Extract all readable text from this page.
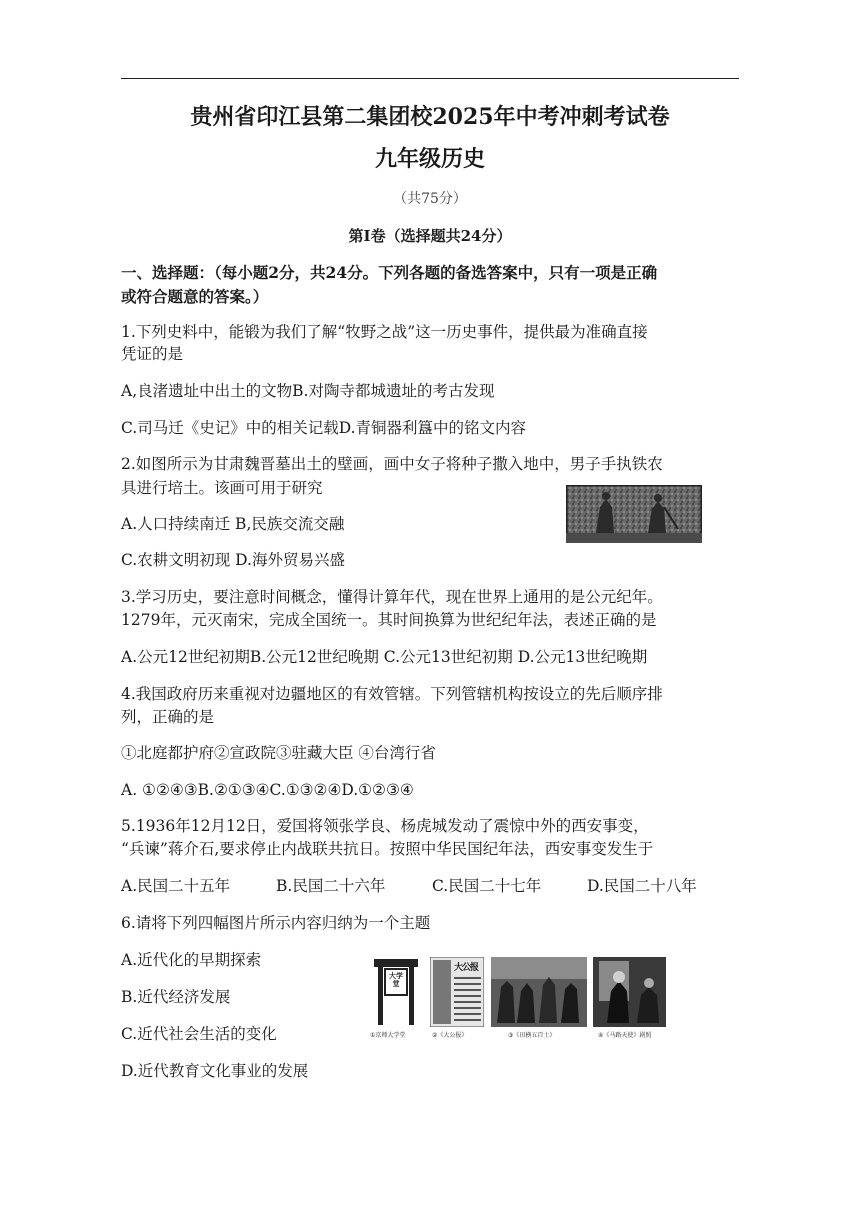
贵州省印江县第二集团校2025年中考冲刺考试卷
九年级历史
（共75分）
第Ⅰ卷（选择题共24分）
一、选择题：（每小题2分，共24分。下列各题的备选答案中，只有一项是正确
或符合题意的答案。）
1.下列史料中，能锻为我们了解“牧野之战”这一历史事件，提供最为准确直接
凭证的是
A,良渚遗址中出土的文物B.对陶寺都城遗址的考古发现
C.司马迁《史记》中的相关记载D.青铜器利簋中的铭文内容
2.如图所示为甘肃魏晋墓出土的壁画，画中女子将种子撒入地中，男子手执铁农
具进行培土。该画可用于研究
A.人口持续南迁 B,民族交流交融
C.农耕文明初现 D.海外贸易兴盛
3.学习历史，要注意时间概念，懂得计算年代，现在世界上通用的是公元纪年。
1279年，元灭南宋，完成全国统一。其时间换算为世纪纪年法，表述正确的是
A.公元12世纪初期B.公元12世纪晚期 C.公元13世纪初期 D.公元13世纪晚期
4.我国政府历来重视对边疆地区的有效管辖。下列管辖机构按设立的先后顺序排
列，正确的是
①北庭都护府②宣政院③驻藏大臣 ④台湾行省
A. ①②④③B.②①③④C.①③②④D.①②③④
5.1936年12月12日，爱国将领张学良、杨虎城发动了震惊中外的西安事变，
“兵谏”蒋介石,要求停止内战联共抗日。按照中华民国纪年法，西安事变发生于
A.民国二十五年	B.民国二十六年	C.民国二十七年	D.民国二十八年
6.请将下列四幅图片所示内容归纳为一个主题
A.近代化的早期探索
B.近代经济发展
C.近代社会生活的变化
D.近代教育文化事业的发展
大学堂
大公报
①京师大学堂	②《大公报》	③《田横五百士》	④《马路天使》剧照
